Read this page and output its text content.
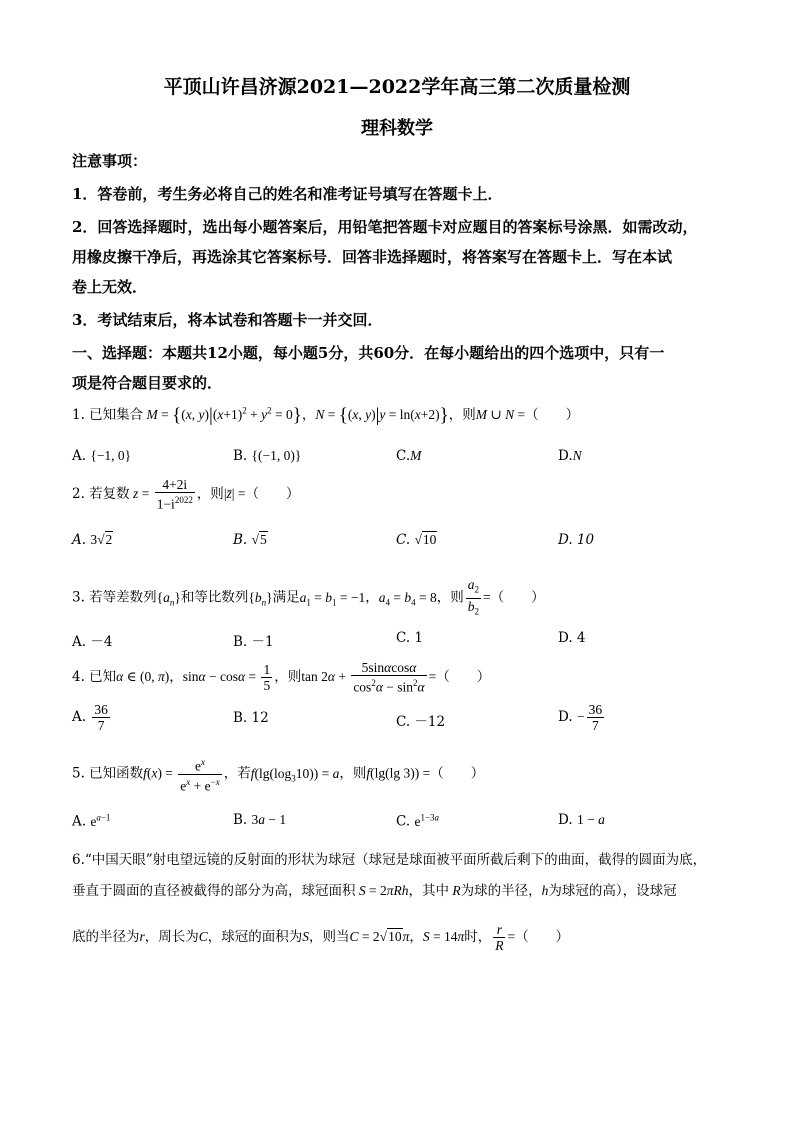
平顶山许昌济源2021—2022学年高三第二次质量检测
理科数学
注意事项：
1．答卷前，考生务必将自己的姓名和准考证号填写在答题卡上．
2．回答选择题时，选出每小题答案后，用铅笔把答题卡对应题目的答案标号涂黑．如需改动，
用橡皮擦干净后，再选涂其它答案标号．回答非选择题时，将答案写在答题卡上．写在本试
卷上无效．
3．考试结束后，将本试卷和答题卡一并交回．
一、选择题：本题共12小题，每小题5分，共60分．在每小题给出的四个选项中，只有一
项是符合题目要求的．
1. 已知集合 M = {(x, $y)|(x+1)^2 + y^2 = 0$}，N = {(x, y)|y = ln(x+2)}，则M ∪ N =（　　）
A. {−1, 0}	B. {(−1, 0)}	C.M	D.N
2. 若复数 $z = \frac{4+2i}{1-i^{2022}}$ ，则|z̄| =（　　）
A. 3√2	B. √5	C. √10	D. 10
3. 若等差数列$\{a_n\}$和等比数列$\{b_n\}$满足$a_1 = b_1 = -1$，$a_4 = b_4 = 8$，则 $\frac{a_2}{b_2}$ =（　　）
A. －4	B. －1	C. 1	D. 4
4. 已知α ∈ (0, π)，$\sin\alpha - \cos\alpha = \frac{1}{5}$ ，则$\tan 2\alpha + \frac{5\sin\alpha\cos\alpha}{\cos^2\alpha - \sin^2\alpha}$ =（　　）
A. $\frac{36}{7}$	B. 12	C. －12	D. − $\frac{36}{7}$
5. 已知函数$f(x) = \frac{e^x}{e^x + e^{-x}}$ ，若$f(\lg(\log_310)) = a$，则f(lg(lg 3)) =（　　）
A. $e^{a-1}$	B. 3a − 1	C. $e^{1-3a}$	D. 1 − a
6.“中国天眼”射电望远镜的反射面的形状为球冠（球冠是球面被平面所截后剩下的曲面，截得的圆面为底，
垂直于圆面的直径被截得的部分为高，球冠面积 S = 2πRh，其中 R为球的半径，h为球冠的高），设球冠
底的半径为r，周长为C，球冠的面积为S，则当C = 2√10π，S = 14π时， $\frac{r}{R}$ =（　　）
